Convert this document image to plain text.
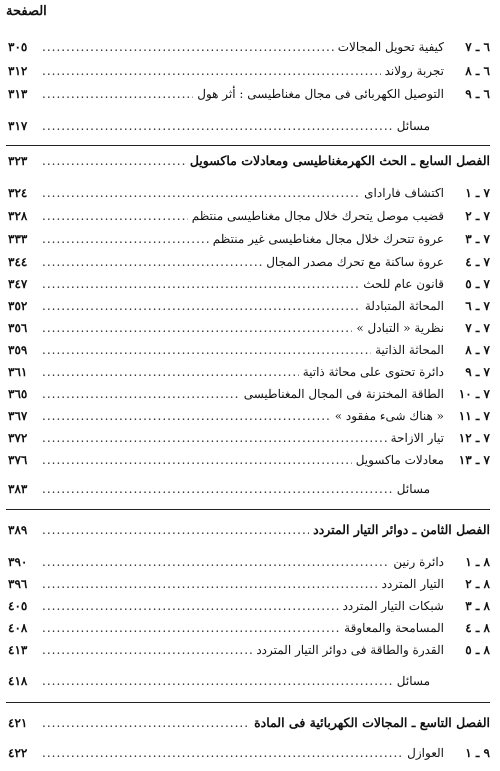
الصفحة
٦ ـ ٧
كيفية تحويل المجالات
.....
٣٠٥
٦ ـ ٨
تجربة رولاند
.....
٣١٢
٦ ـ ٩
التوصيل الكهربائى فى مجال مغناطيسى : أثر هول
.....
٣١٣
مسائل
.....
٣١٧
الفصل السابع ـ الحث الكهرمغناطيسى ومعادلات ماكسويل
.....
٣٢٣
٧ ـ ١
اكتشاف فارادای
.....
٣٢٤
٧ ـ ٢
قضيب موصل يتحرك خلال مجال مغناطيسى منتظم
.....
٣٢٨
٧ ـ ٣
عروة تتحرك خلال مجال مغناطيسى غير منتظم
.....
٣٣٣
٧ ـ ٤
عروة ساكنة مع تحرك مصدر المجال
.....
٣٤٤
٧ ـ ٥
قانون عام للحث
.....
٣٤٧
٧ ـ ٦
المحاثة المتبادلة
.....
٣٥٢
٧ ـ ٧
نظرية « التبادل »
.....
٣٥٦
٧ ـ ٨
المحاثة الذاتية
.....
٣٥٩
٧ ـ ٩
دائرة تحتوى على محاثة ذاتية
.....
٣٦١
٧ ـ ١٠
الطاقة المختزنة فى المجال المغناطيسى
.....
٣٦٥
٧ ـ ١١
« هناك شىء مفقود »
.....
٣٦٧
٧ ـ ١٢
تيار الازاحة
.....
٣٧٢
٧ ـ ١٣
معادلات ماكسويل
.....
٣٧٦
مسائل
.....
٣٨٣
الفصل الثامن ـ دوائر التيار المتردد
.....
٣٨٩
٨ ـ ١
دائرة رنين
.....
٣٩٠
٨ ـ ٢
التيار المتردد
.....
٣٩٦
٨ ـ ٣
شبكات التيار المتردد
.....
٤٠٥
٨ ـ ٤
المسامحة والمعاوقة
.....
٤٠٨
٨ ـ ٥
القدرة والطاقة فى دوائر التيار المتردد
.....
٤١٣
مسائل
.....
٤١٨
الفصل التاسع ـ المجالات الكهربائية فى المادة
.....
٤٢١
٩ ـ ١
العوازل
.....
٤٢٢
